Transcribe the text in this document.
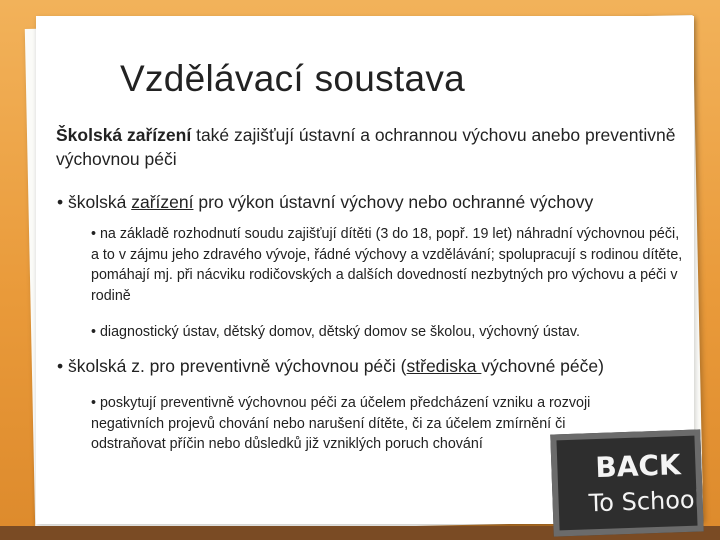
Vzdělávací soustava
Školská zařízení také zajišťují ústavní a ochrannou výchovu anebo preventivně výchovnou péči
• školská zařízení pro výkon ústavní výchovy nebo ochranné výchovy
• na základě rozhodnutí soudu zajišťují dítěti (3 do 18, popř. 19 let) náhradní výchovnou péči, a to v zájmu jeho zdravého vývoje, řádné výchovy a vzdělávání; spolupracují s rodinou dítěte, pomáhají mj. při nácviku rodičovských a dalších dovedností nezbytných pro výchovu a péči v rodině
• diagnostický ústav, dětský domov, dětský domov se školou, výchovný ústav.
• školská z. pro preventivně výchovnou péči (střediska výchovné péče)
• poskytují preventivně výchovnou péči za účelem předcházení vzniku a rozvoji negativních projevů chování nebo narušení dítěte, či za účelem zmírnění či odstraňovat příčin nebo důsledků již vzniklých poruch chování
BACK
To School
